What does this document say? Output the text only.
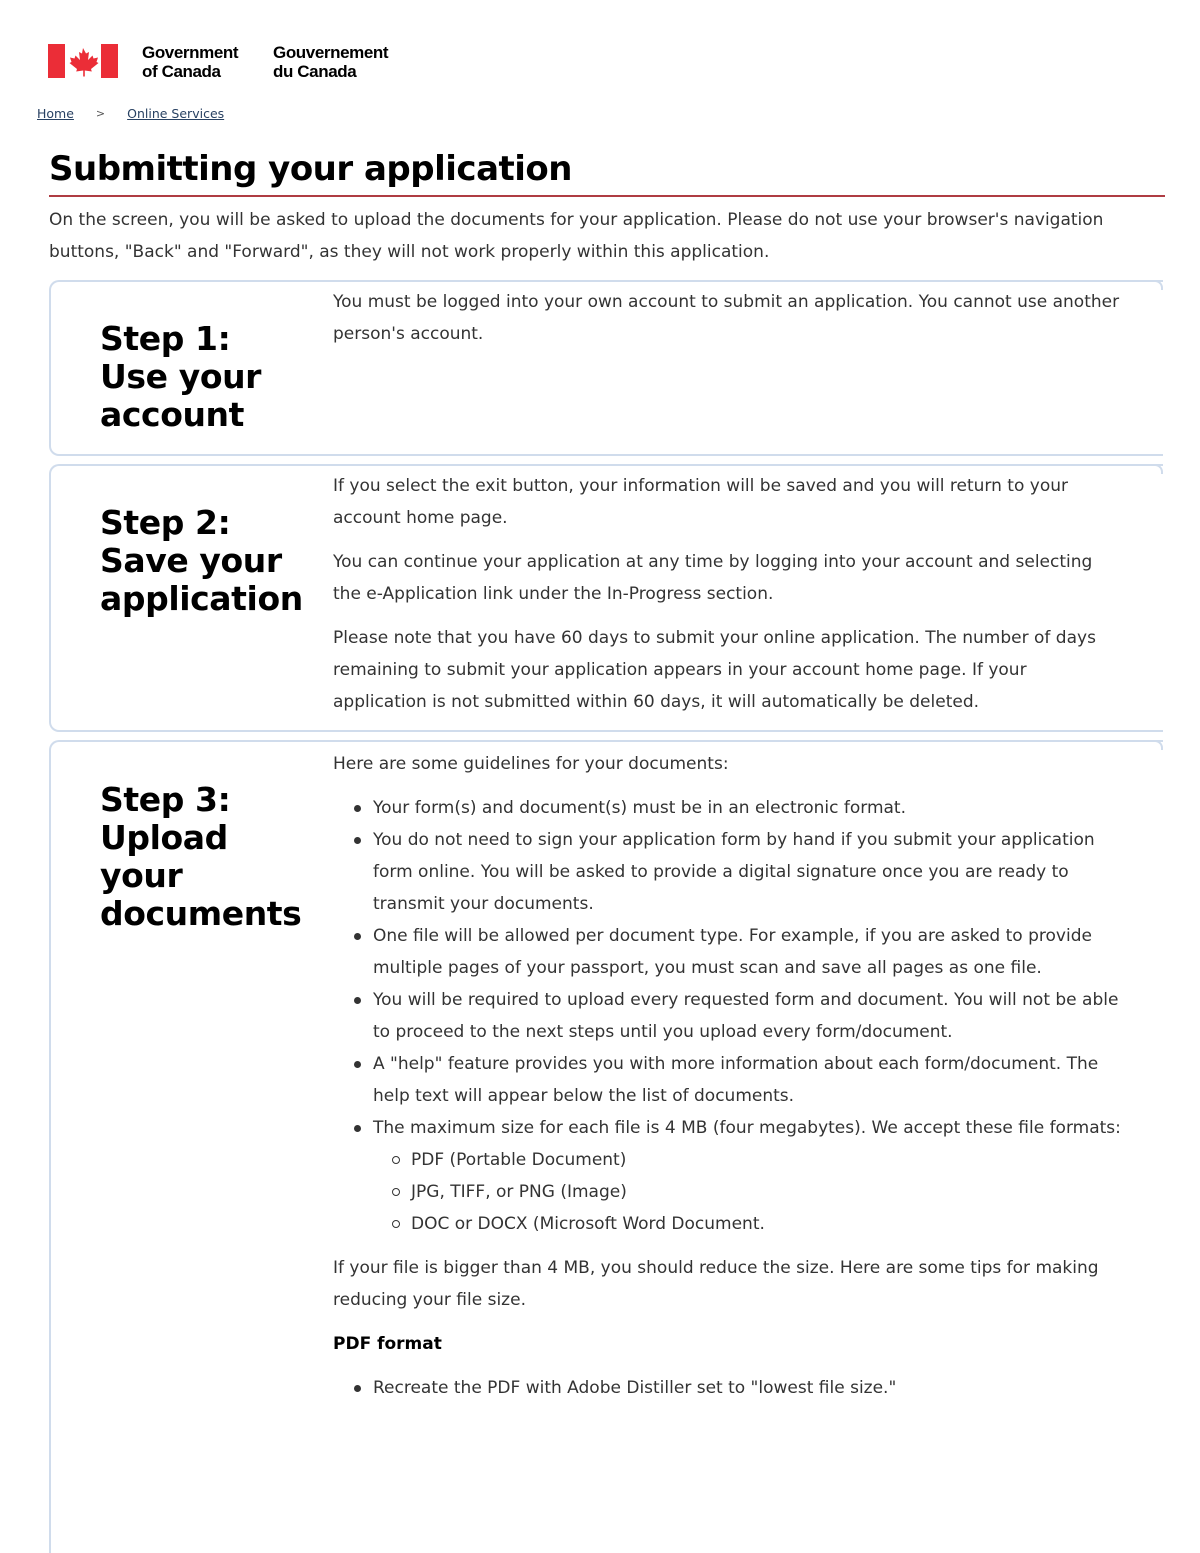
Government
of Canada
Gouvernement
du Canada
Home > Online Services
Submitting your application

On the screen, you will be asked to upload the documents for your application. Please do not use your browser's navigation buttons, "Back" and "Forward", as they will not work properly within this application.

Step 1:
Use your
account

You must be logged into your own account to submit an application. You cannot use another person's account.

Step 2:
Save your
application

If you select the exit button, your information will be saved and you will return to your account home page.

You can continue your application at any time by logging into your account and selecting the e-Application link under the In-Progress section.

Please note that you have 60 days to submit your online application. The number of days remaining to submit your application appears in your account home page. If your application is not submitted within 60 days, it will automatically be deleted.

Step 3:
Upload
your
documents

Here are some guidelines for your documents:

Your form(s) and document(s) must be in an electronic format.
You do not need to sign your application form by hand if you submit your application form online. You will be asked to provide a digital signature once you are ready to transmit your documents.
One file will be allowed per document type. For example, if you are asked to provide multiple pages of your passport, you must scan and save all pages as one file.
You will be required to upload every requested form and document. You will not be able to proceed to the next steps until you upload every form/document.
A "help" feature provides you with more information about each form/document. The help text will appear below the list of documents.
The maximum size for each file is 4 MB (four megabytes). We accept these file formats:
PDF (Portable Document)
JPG, TIFF, or PNG (Image)
DOC or DOCX (Microsoft Word Document.

If your file is bigger than 4 MB, you should reduce the size. Here are some tips for making reducing your file size.

PDF format

Recreate the PDF with Adobe Distiller set to "lowest file size."
